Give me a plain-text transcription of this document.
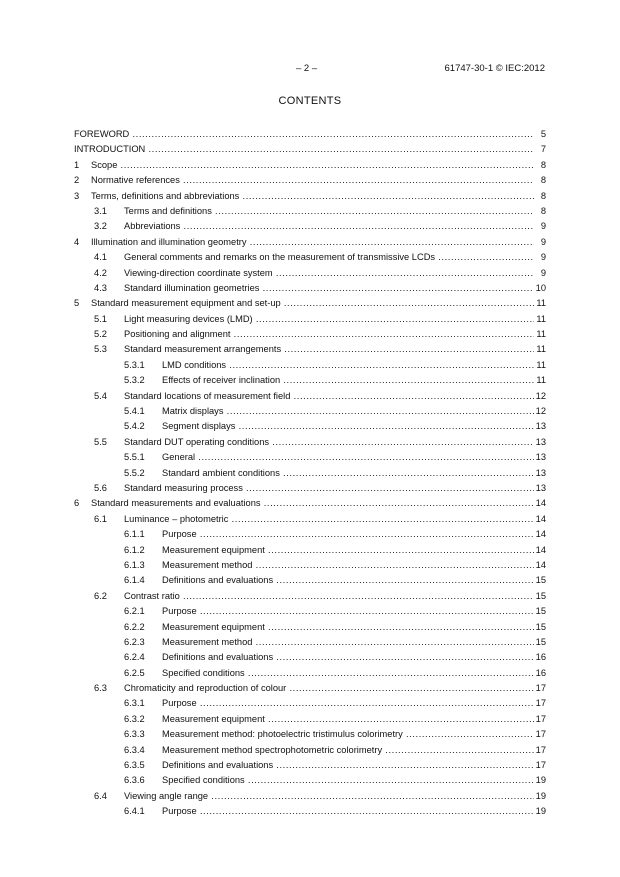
– 2 –	61747-30-1 © IEC:2012
CONTENTS
FOREWORD .....	5
INTRODUCTION .....	7
1 Scope .....	8
2 Normative references .....	8
3 Terms, definitions and abbreviations .....	8
3.1 Terms and definitions .....	8
3.2 Abbreviations .....	9
4 Illumination and illumination geometry .....	9
4.1 General comments and remarks on the measurement of transmissive LCDs .....	9
4.2 Viewing-direction coordinate system .....	9
4.3 Standard illumination geometries .....	10
5 Standard measurement equipment and set-up .....	11
5.1 Light measuring devices (LMD) .....	11
5.2 Positioning and alignment .....	11
5.3 Standard measurement arrangements .....	11
5.3.1 LMD conditions .....	11
5.3.2 Effects of receiver inclination .....	11
5.4 Standard locations of measurement field .....	12
5.4.1 Matrix displays .....	12
5.4.2 Segment displays .....	13
5.5 Standard DUT operating conditions .....	13
5.5.1 General .....	13
5.5.2 Standard ambient conditions .....	13
5.6 Standard measuring process .....	13
6 Standard measurements and evaluations .....	14
6.1 Luminance – photometric .....	14
6.1.1 Purpose .....	14
6.1.2 Measurement equipment .....	14
6.1.3 Measurement method .....	14
6.1.4 Definitions and evaluations .....	15
6.2 Contrast ratio .....	15
6.2.1 Purpose .....	15
6.2.2 Measurement equipment .....	15
6.2.3 Measurement method .....	15
6.2.4 Definitions and evaluations .....	16
6.2.5 Specified conditions .....	16
6.3 Chromaticity and reproduction of colour .....	17
6.3.1 Purpose .....	17
6.3.2 Measurement equipment .....	17
6.3.3 Measurement method: photoelectric tristimulus colorimetry .....	17
6.3.4 Measurement method spectrophotometric colorimetry .....	17
6.3.5 Definitions and evaluations .....	17
6.3.6 Specified conditions .....	19
6.4 Viewing angle range .....	19
6.4.1 Purpose .....	19
